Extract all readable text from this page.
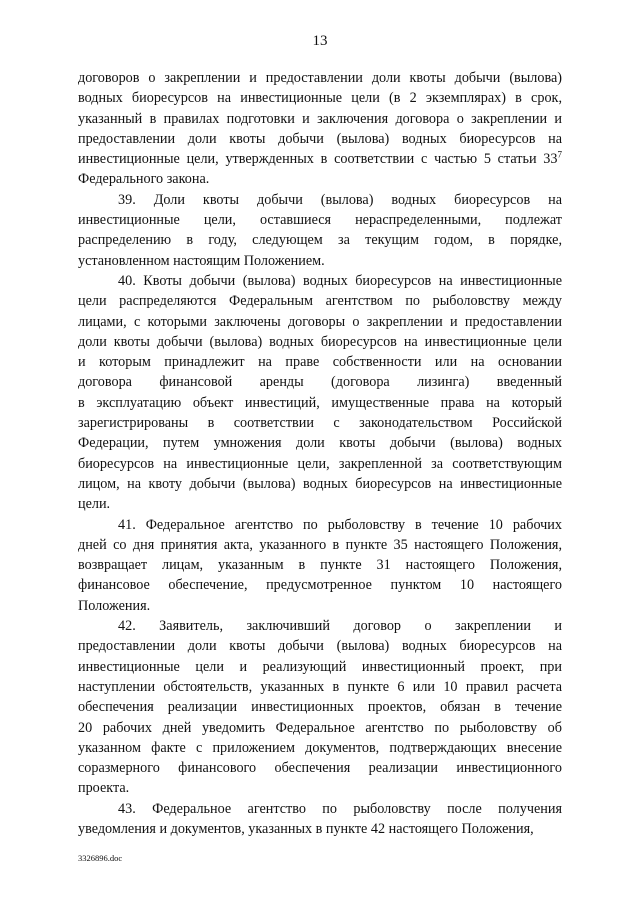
13
договоров о закреплении и предоставлении доли квоты добычи (вылова)
водных биоресурсов на инвестиционные цели (в 2 экземплярах) в срок,
указанный в правилах подготовки и заключения договора о закреплении и
предоставлении доли квоты добычи (вылова) водных биоресурсов на
инвестиционные цели, утвержденных в соответствии с частью 5 статьи $33^7$
Федерального закона.
39. Доли квоты добычи (вылова) водных биоресурсов на
инвестиционные цели, оставшиеся нераспределенными, подлежат
распределению в году, следующем за текущим годом, в порядке,
установленном настоящим Положением.
40. Квоты добычи (вылова) водных биоресурсов на инвестиционные
цели распределяются Федеральным агентством по рыболовству между
лицами, с которыми заключены договоры о закреплении и предоставлении
доли квоты добычи (вылова) водных биоресурсов на инвестиционные цели
и которым принадлежит на праве собственности или на основании
договора финансовой аренды (договора лизинга) введенный
в эксплуатацию объект инвестиций, имущественные права на который
зарегистрированы в соответствии с законодательством Российской
Федерации, путем умножения доли квоты добычи (вылова) водных
биоресурсов на инвестиционные цели, закрепленной за соответствующим
лицом, на квоту добычи (вылова) водных биоресурсов на инвестиционные
цели.
41. Федеральное агентство по рыболовству в течение 10 рабочих
дней со дня принятия акта, указанного в пункте 35 настоящего Положения,
возвращает лицам, указанным в пункте 31 настоящего Положения,
финансовое обеспечение, предусмотренное пунктом 10 настоящего
Положения.
42. Заявитель, заключивший договор о закреплении и
предоставлении доли квоты добычи (вылова) водных биоресурсов на
инвестиционные цели и реализующий инвестиционный проект, при
наступлении обстоятельств, указанных в пункте 6 или 10 правил расчета
обеспечения реализации инвестиционных проектов, обязан в течение
20 рабочих дней уведомить Федеральное агентство по рыболовству об
указанном факте с приложением документов, подтверждающих внесение
соразмерного финансового обеспечения реализации инвестиционного
проекта.
43. Федеральное агентство по рыболовству после получения
уведомления и документов, указанных в пункте 42 настоящего Положения,
3326896.doc
